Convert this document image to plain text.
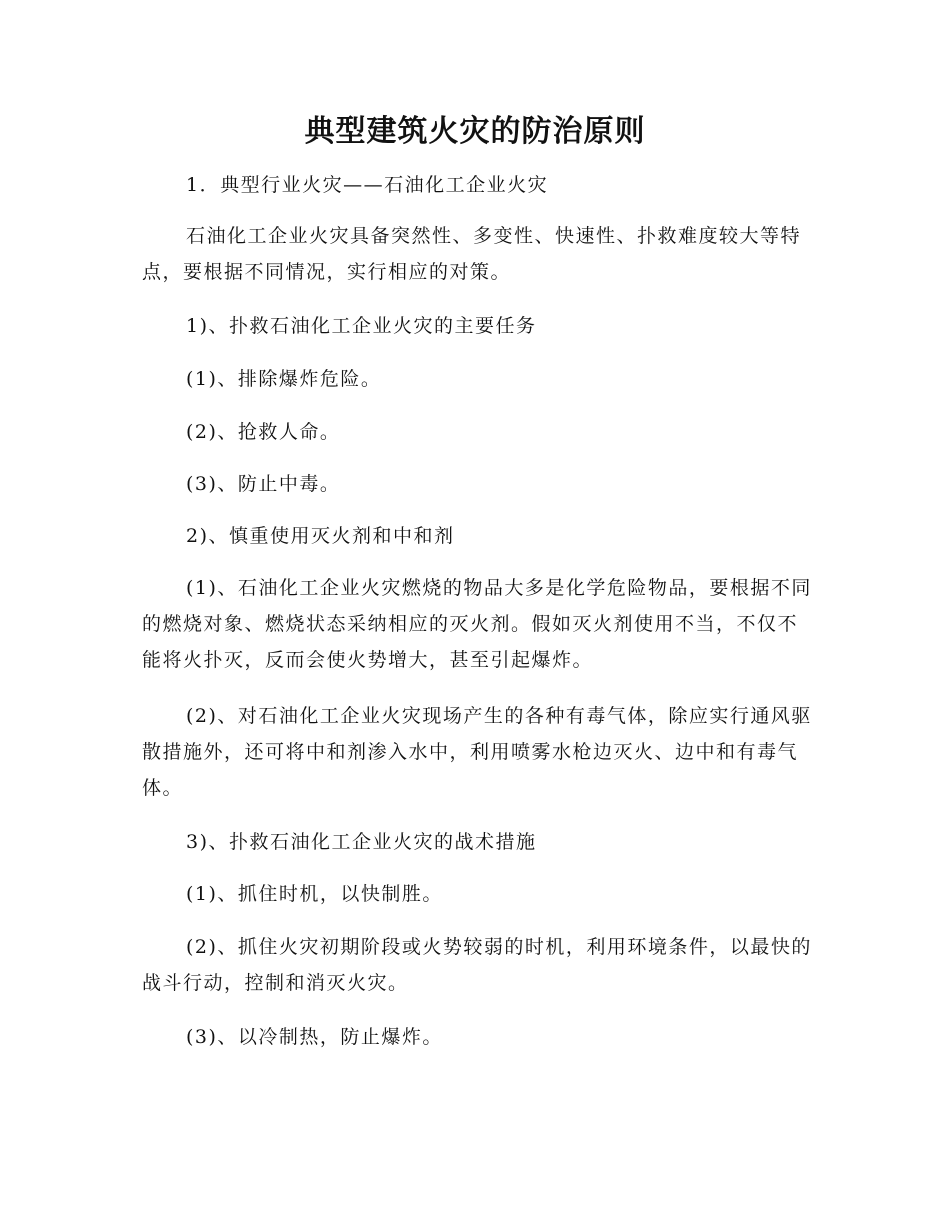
典型建筑火灾的防治原则
1．典型行业火灾——石油化工企业火灾
石油化工企业火灾具备突然性、多变性、快速性、扑救难度较大等特点，要根据不同情况，实行相应的对策。
1)、扑救石油化工企业火灾的主要任务
(1)、排除爆炸危险。
(2)、抢救人命。
(3)、防止中毒。
2)、慎重使用灭火剂和中和剂
(1)、石油化工企业火灾燃烧的物品大多是化学危险物品，要根据不同的燃烧对象、燃烧状态采纳相应的灭火剂。假如灭火剂使用不当，不仅不能将火扑灭，反而会使火势增大，甚至引起爆炸。
(2)、对石油化工企业火灾现场产生的各种有毒气体，除应实行通风驱散措施外，还可将中和剂渗入水中，利用喷雾水枪边灭火、边中和有毒气体。
3)、扑救石油化工企业火灾的战术措施
(1)、抓住时机，以快制胜。
(2)、抓住火灾初期阶段或火势较弱的时机，利用环境条件，以最快的战斗行动，控制和消灭火灾。
(3)、以冷制热，防止爆炸。
